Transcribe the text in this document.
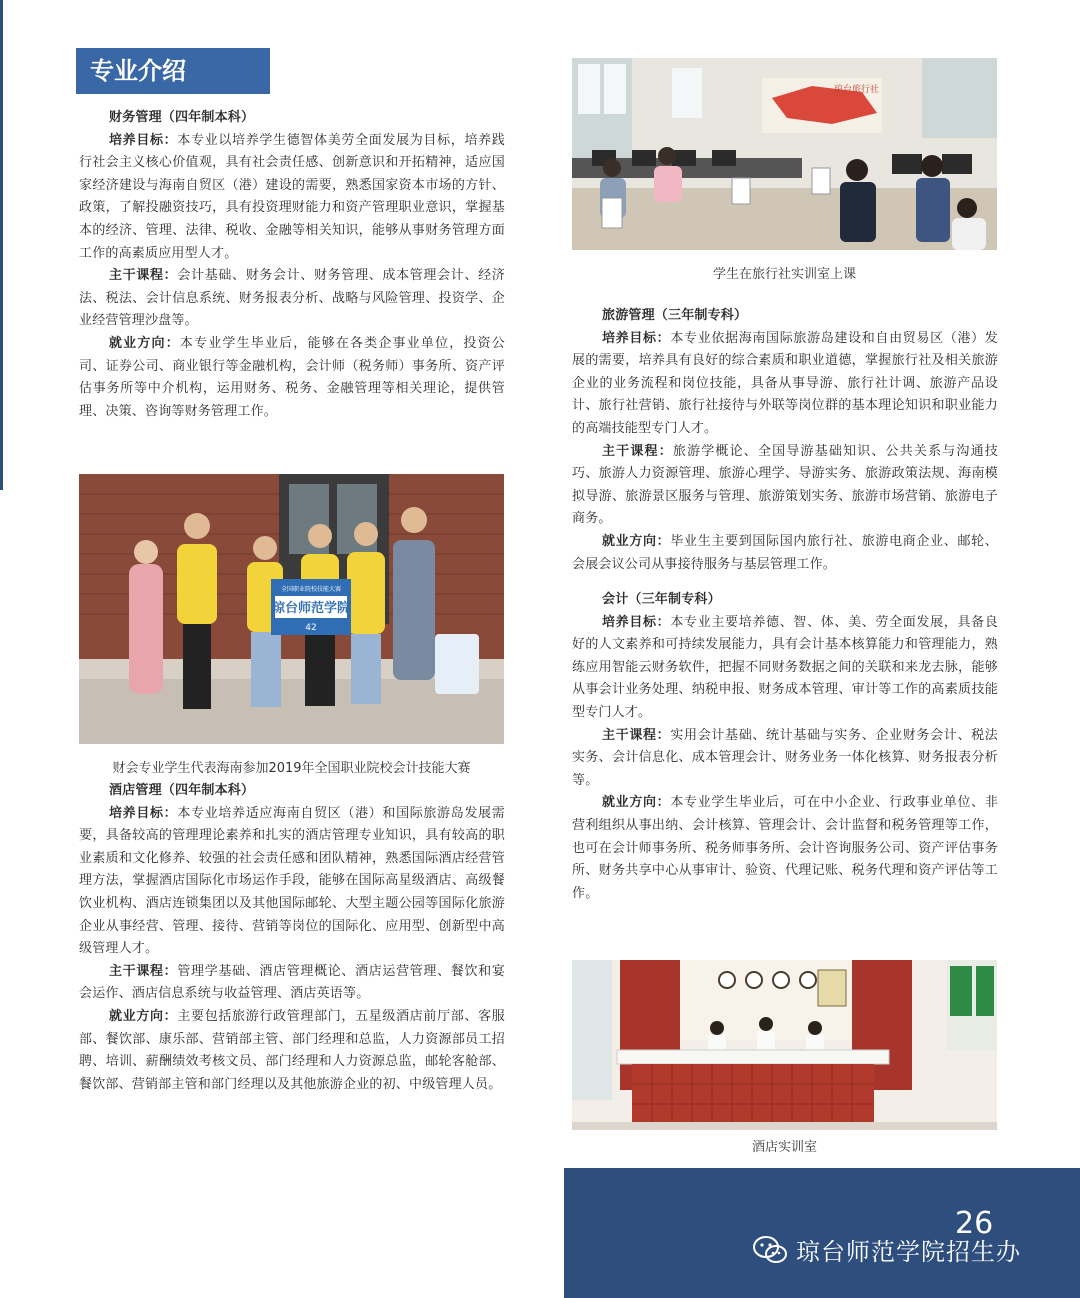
专业介绍

财务管理（四年制本科）

培养目标：本专业以培养学生德智体美劳全面发展为目标，培养践行社会主义核心价值观，具有社会责任感、创新意识和开拓精神，适应国家经济建设与海南自贸区（港）建设的需要，熟悉国家资本市场的方针、政策，了解投融资技巧，具有投资理财能力和资产管理职业意识，掌握基本的经济、管理、法律、税收、金融等相关知识，能够从事财务管理方面工作的高素质应用型人才。

主干课程：会计基础、财务会计、财务管理、成本管理会计、经济法、税法、会计信息系统、财务报表分析、战略与风险管理、投资学、企业经营管理沙盘等。

就业方向：本专业学生毕业后，能够在各类企事业单位，投资公司、证券公司、商业银行等金融机构，会计师（税务师）事务所、资产评估事务所等中介机构，运用财务、税务、金融管理等相关理论，提供管理、决策、咨询等财务管理工作。

全国职业院校技能大赛
琼台师范学院
42
财会专业学生代表海南参加2019年全国职业院校会计技能大赛

酒店管理（四年制本科）

培养目标：本专业培养适应海南自贸区（港）和国际旅游岛发展需要，具备较高的管理理论素养和扎实的酒店管理专业知识，具有较高的职业素质和文化修养、较强的社会责任感和团队精神，熟悉国际酒店经营管理方法，掌握酒店国际化市场运作手段，能够在国际高星级酒店、高级餐饮业机构、酒店连锁集团以及其他国际邮轮、大型主题公园等国际化旅游企业从事经营、管理、接待、营销等岗位的国际化、应用型、创新型中高级管理人才。

主干课程：管理学基础、酒店管理概论、酒店运营管理、餐饮和宴会运作、酒店信息系统与收益管理、酒店英语等。

就业方向：主要包括旅游行政管理部门，五星级酒店前厅部、客服部、餐饮部、康乐部、营销部主管、部门经理和总监，人力资源部员工招聘、培训、薪酬绩效考核文员、部门经理和人力资源总监，邮轮客舱部、餐饮部、营销部主管和部门经理以及其他旅游企业的初、中级管理人员。

琼台旅行社
学生在旅行社实训室上课

旅游管理（三年制专科）

培养目标：本专业依据海南国际旅游岛建设和自由贸易区（港）发展的需要，培养具有良好的综合素质和职业道德，掌握旅行社及相关旅游企业的业务流程和岗位技能，具备从事导游、旅行社计调、旅游产品设计、旅行社营销、旅行社接待与外联等岗位群的基本理论知识和职业能力的高端技能型专门人才。

主干课程：旅游学概论、全国导游基础知识、公共关系与沟通技巧、旅游人力资源管理、旅游心理学、导游实务、旅游政策法规、海南模拟导游、旅游景区服务与管理、旅游策划实务、旅游市场营销、旅游电子商务。

就业方向：毕业生主要到国际国内旅行社、旅游电商企业、邮轮、会展会议公司从事接待服务与基层管理工作。

会计（三年制专科）

培养目标：本专业主要培养德、智、体、美、劳全面发展，具备良好的人文素养和可持续发展能力，具有会计基本核算能力和管理能力，熟练应用智能云财务软件，把握不同财务数据之间的关联和来龙去脉，能够从事会计业务处理、纳税申报、财务成本管理、审计等工作的高素质技能型专门人才。

主干课程：实用会计基础、统计基础与实务、企业财务会计、税法实务、会计信息化、成本管理会计、财务业务一体化核算、财务报表分析等。

就业方向：本专业学生毕业后，可在中小企业、行政事业单位、非营利组织从事出纳、会计核算、管理会计、会计监督和税务管理等工作，也可在会计师事务所、税务师事务所、会计咨询服务公司、资产评估事务所、财务共享中心从事审计、验资、代理记账、税务代理和资产评估等工作。

酒店实训室
26
琼台师范学院招生办
